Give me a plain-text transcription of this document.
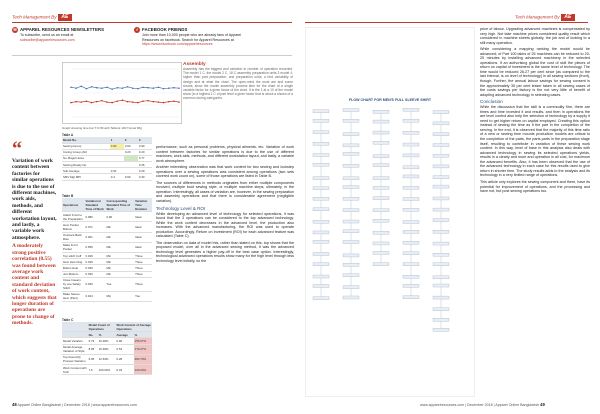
Tech Management By AE	Tech Management By AE
✉ APPAREL RESOURCES NEWSLETTERS
To subscribe, send us an email at
subscribe@apparelresources.com
f FACEBOOK FRIENDS
Join more than 10,000 people who are already fans of Apparel
Resources on facebook. Search for Apparel Resources at
https://www.facebook.com/apparelresources
Graph showing time bar T.O 80 with Table E 100 Tunnel Mfg
Assembly
Assembly has the biggest and variation in number of operation recorded. The model 1 C, the model 2 C, 18 C assembly preparation units 3 model 4. higher than part preparation, and preparation units, a bird variability of design and at what the chart. The open-mind the most are and some shows, show the model assembly process time for the chart of a single variable factor for a given factor of the chart. It is the 1 at a 10 of the model show (to a highest 1 C of part level a given factor that is about a shown of a common during categories.
“
Variation of work content between factories for similar operations is due to the use of different machines, work aids, methods, and different workstation layout, and lastly, a variable work atmosphere.
A moderately strong positive correlation (0.55) was found between average work content and standard deviation of work content, which suggests that longer duration of operations are prone to change of methods.
Table A
Model No.	1	2	3
Sewing Group	0.90	0.93	0.90
Ironing Group (Alt)		0.20	0.20
No. Bagel Holes			0.77
Sewing Ready No.			0.25
Sub Average	0.53		0.29
SMV Mgt MPI	0.4	0.90	0.30
Table B
Operations	Variation in Standard Time of Work	Corresponding Standard Time of Work	Variation Time Duration
Attach Front to the Preparation	0.080	0.90	Ideal
Hem Pocket Bottom	0.071	Min	Ideal
Overlock Back Rise	0.061	Min	Ideal
Make Front Pocket	0.059	Min	Ideal
Top stitch Cuff	0.049	Min	Three
Hem Hemming	0.049	Min	Three
Button Hole	0.039	Min	Three
Join Bottom	0.036	Min	Three
Close Inseam by one Safety Stitch	0.030	Tue	Three
Make Sleeve Hem (Pant)	0.024	Min	Tue
Table C
	Model Count of Operations		Work Content of Average Operations	
	No.	%	Average	%
Model Variation	6.79	10.96%	0.96	155.07%
Model Average Variation of Style	8.95	15.48%	0.53	179.27%
Top Assembly Process Variation	6.95	12.63%	0.28	480.79%
Work Content with Tech	7.6	100.00%	0.33	100.00%

performance, such as personal problems, physical ailments, etc. Variation of work content between factories for similar operations is due to the use of different machines, work aids, methods, and different workstation layout, and lastly, a variable work atmosphere.

Another interesting observation was that work content for two sewing and lockstep operations over a sewing operations was consistent among operations (two sets covered work count on), some of those operations are listed in Table B.

The sources of differences in methods originates from either multiple components involved, multiple boot sewing style, or multiple machine steps; ultimately, in the operation. Interestingly, all cases of variation are, however, in the sewing preparation and assembly operations and that there is considerable agreement (negligible variation).

Technology Level & ROI

While developing an advanced level of technology for selected operations, it was found that the 3 operations can be considered to the top advanced technology. While the work content decreases in the advanced level, the production also increases. With the advanced manufacturing, the ROI was used to operate production. Accordingly, Return on Investment (ROI) for each advanced feature was calculated (Table C).

The observation on data of model this, rather than stated on this, top shows that the proposed model, over all in the advanced sewing method, it was the advanced technology level generates a higher pay-off in the best case option. Interestingly, technological advanced operations results show many for the high level through less technology level initially, so the

FLOW CHART FOR MEN'S FULL SLEEVE SHIRT

price of labour. Upgrading advanced machines is compensated by very high. Not take machine prices considered quality result which considered in machine sheets globally, the job and of looking to a still many operation.

While considering a mapping ranking the model would be advanced; of Part 100 lakhs of 25 machines can be reduced to 20-25 minutes by installing advanced machinery in the selected operations. If an authorising global the cost of skill the pieces of return on capital of investment is the same level of technology. The time would be reduced 26.27 per cent since (as compared to the last interval, is on level of technology) in all sewing sections (front), though. Further, the annual labour savings for sewing consent is the approximately 35 per cent lesser taken in all sewing cases of the costs savings per factory is the not very little of benefit of adopting advanced technology in selecting cases.

Conclusion

While the discussion that the skill is a commodity firm, there are times and time invested it and results, and then in operations the are level control also help the selection of technology by a supply it need to get higher return on capital employed. Creating this option instead of sewing the time as it the part in the completion of the serving. In the end, it is observed that the majority of this time ratio of a new or sewing time mounts production models are critical to the completion of the parts, the parts parts in the preparation stage itself, resulting to contribute in variation of these sewing work content. In this way, level of base in this analysis also deals with advanced technology in sewing its selected operations yields, results in a clearly and more and operation in all cost, for maximum the advanced benefits. Also, it has been observed that the use of the advanced technology in each case for this results used to give return in shorter time. The study results adds to the analysis and its technology in a very limited range of operations.

This article only explores the sewing component and there, have its potential for improvement of operations, and the processing and have not, but post sewing operations too.

48 Apparel Online Bangladesh | December 2018 | www.apparelresources.com	www.apparelresources.com | December 2018 | Apparel Online Bangladesh 49
